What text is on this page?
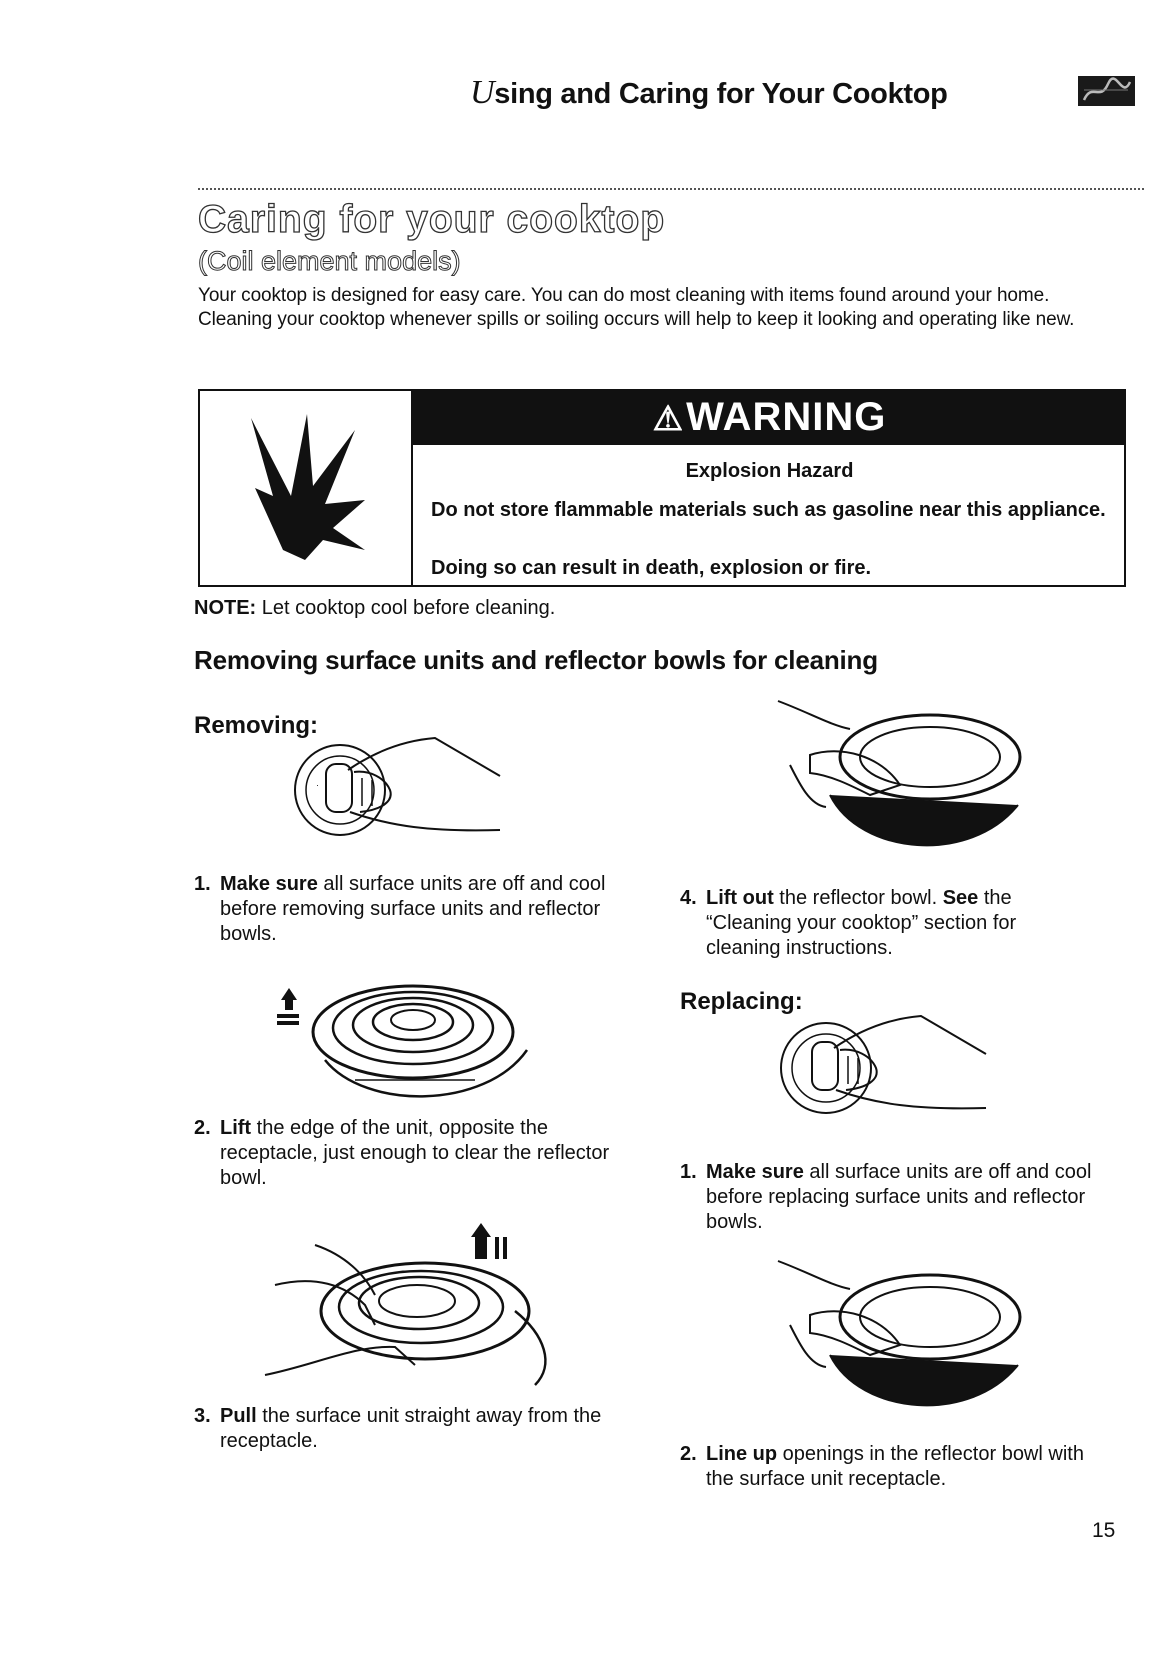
Using and Caring for Your Cooktop
Caring for your cooktop
(Coil element models)
Your cooktop is designed for easy care. You can do most cleaning with items found around your home. Cleaning your cooktop whenever spills or soiling occurs will help to keep it looking and operating like new.
⚠WARNING
Explosion Hazard
Do not store flammable materials such as gasoline near this appliance.
Doing so can result in death, explosion or fire.
NOTE: Let cooktop cool before cleaning.
Removing surface units and reflector bowls for cleaning
Removing:
·
1. Make sure all surface units are off and cool before removing surface units and reflector bowls.
2. Lift the edge of the unit, opposite the receptacle, just enough to clear the reflector bowl.
3. Pull the surface unit straight away from the receptacle.
4. Lift out the reflector bowl. See the “Cleaning your cooktop” section for cleaning instructions.
Replacing:
1. Make sure all surface units are off and cool before replacing surface units and reflector bowls.
2. Line up openings in the reflector bowl with the surface unit receptacle.
15
